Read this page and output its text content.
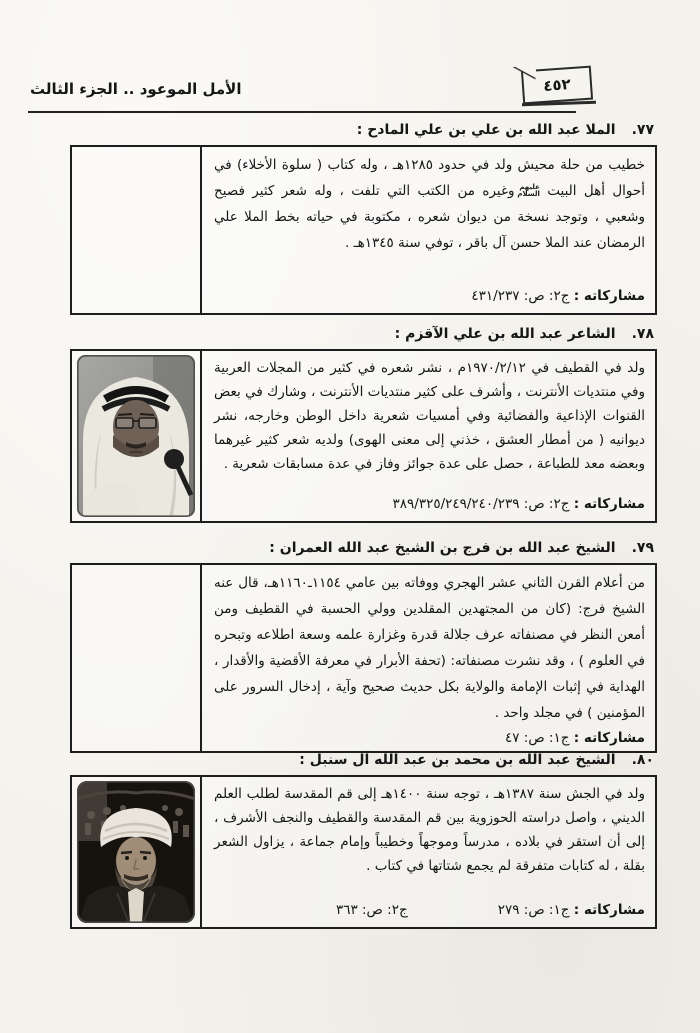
الأمل الموعود .. الجزء الثالث	٤٥٢
٧٧.
الملا عبد الله بن علي بن علي المادح :

خطيب من حلة محيش ولد في حدود ١٢٨٥هـ ، وله كتاب ( سلوة الأخلاء) في أحوال أهل البيت عليهم السلام وغيره من الكتب التي تلفت ، وله شعر كثير فصيح وشعبي ، وتوجد نسخة من ديوان شعره ، مكتوبة في حياته بخط الملا علي الرمضان عند الملا حسن آل باقر ، توفي سنة ١٣٤٥هـ .

مشاركاته : ج٢: ص: ٤٣١/٢٣٧
٧٨.
الشاعر عبد الله بن علي الآقزم :

ولد في القطيف في ١٩٧٠/٢/١٢م ، نشر شعره في كثير من المجلات العربية وفي منتديات الأنترنت ، وأشرف على كثير منتديات الأنترنت ، وشارك في بعض القنوات الإذاعية والفضائية وفي أمسيات شعرية داخل الوطن وخارجه، نشر ديوانيه ( من أمطار العشق ، خذني إلى معنى الهوى) ولديه شعر كثير غيرهما وبعضه معد للطباعة ، حصل على عدة جوائز وفاز في عدة مسابقات شعرية .

مشاركاته : ج٢: ص: ٣٨٩/٣٢٥/٢٤٩/٢٤٠/٢٣٩
٧٩.
الشيخ عبد الله بن فرج بن الشيخ عبد الله العمران :

من أعلام القرن الثاني عشر الهجري ووفاته بين عامي ١١٥٤ـ١١٦٠هـ، قال عنه الشيخ فرج: (كان من المجتهدين المقلدين وولي الحسبة في القطيف ومن أمعن النظر في مصنفاته عرف جلالة قدرة وغزارة علمه وسعة اطلاعه وتبحره في العلوم ) ، وقد نشرت مصنفاته: (تحفة الأبرار في معرفة الأقضية والأقدار ، الهداية في إثبات الإمامة والولاية بكل حديث صحيح وآية ، إدخال السرور على المؤمنين ) في مجلد واحد .

مشاركاته : ج١: ص: ٤٧
٨٠.
الشيخ عبد الله بن محمد بن عبد الله آل سنبل :

ولد في الجش سنة ١٣٨٧هـ ، توجه سنة ١٤٠٠هـ إلى قم المقدسة لطلب العلم الديني ، واصل دراسته الحوزوية بين قم المقدسة والقطيف والنجف الأشرف ، إلى أن استقر في بلاده ، مدرساً وموجهاً وخطيباً وإمام جماعة ، يزاول الشعر بقلة ، له كتابات متفرقة لم يجمع شتاتها في كتاب .

مشاركاته : ج١: ص: ٢٧٩
ج٢: ص: ٣٦٣
